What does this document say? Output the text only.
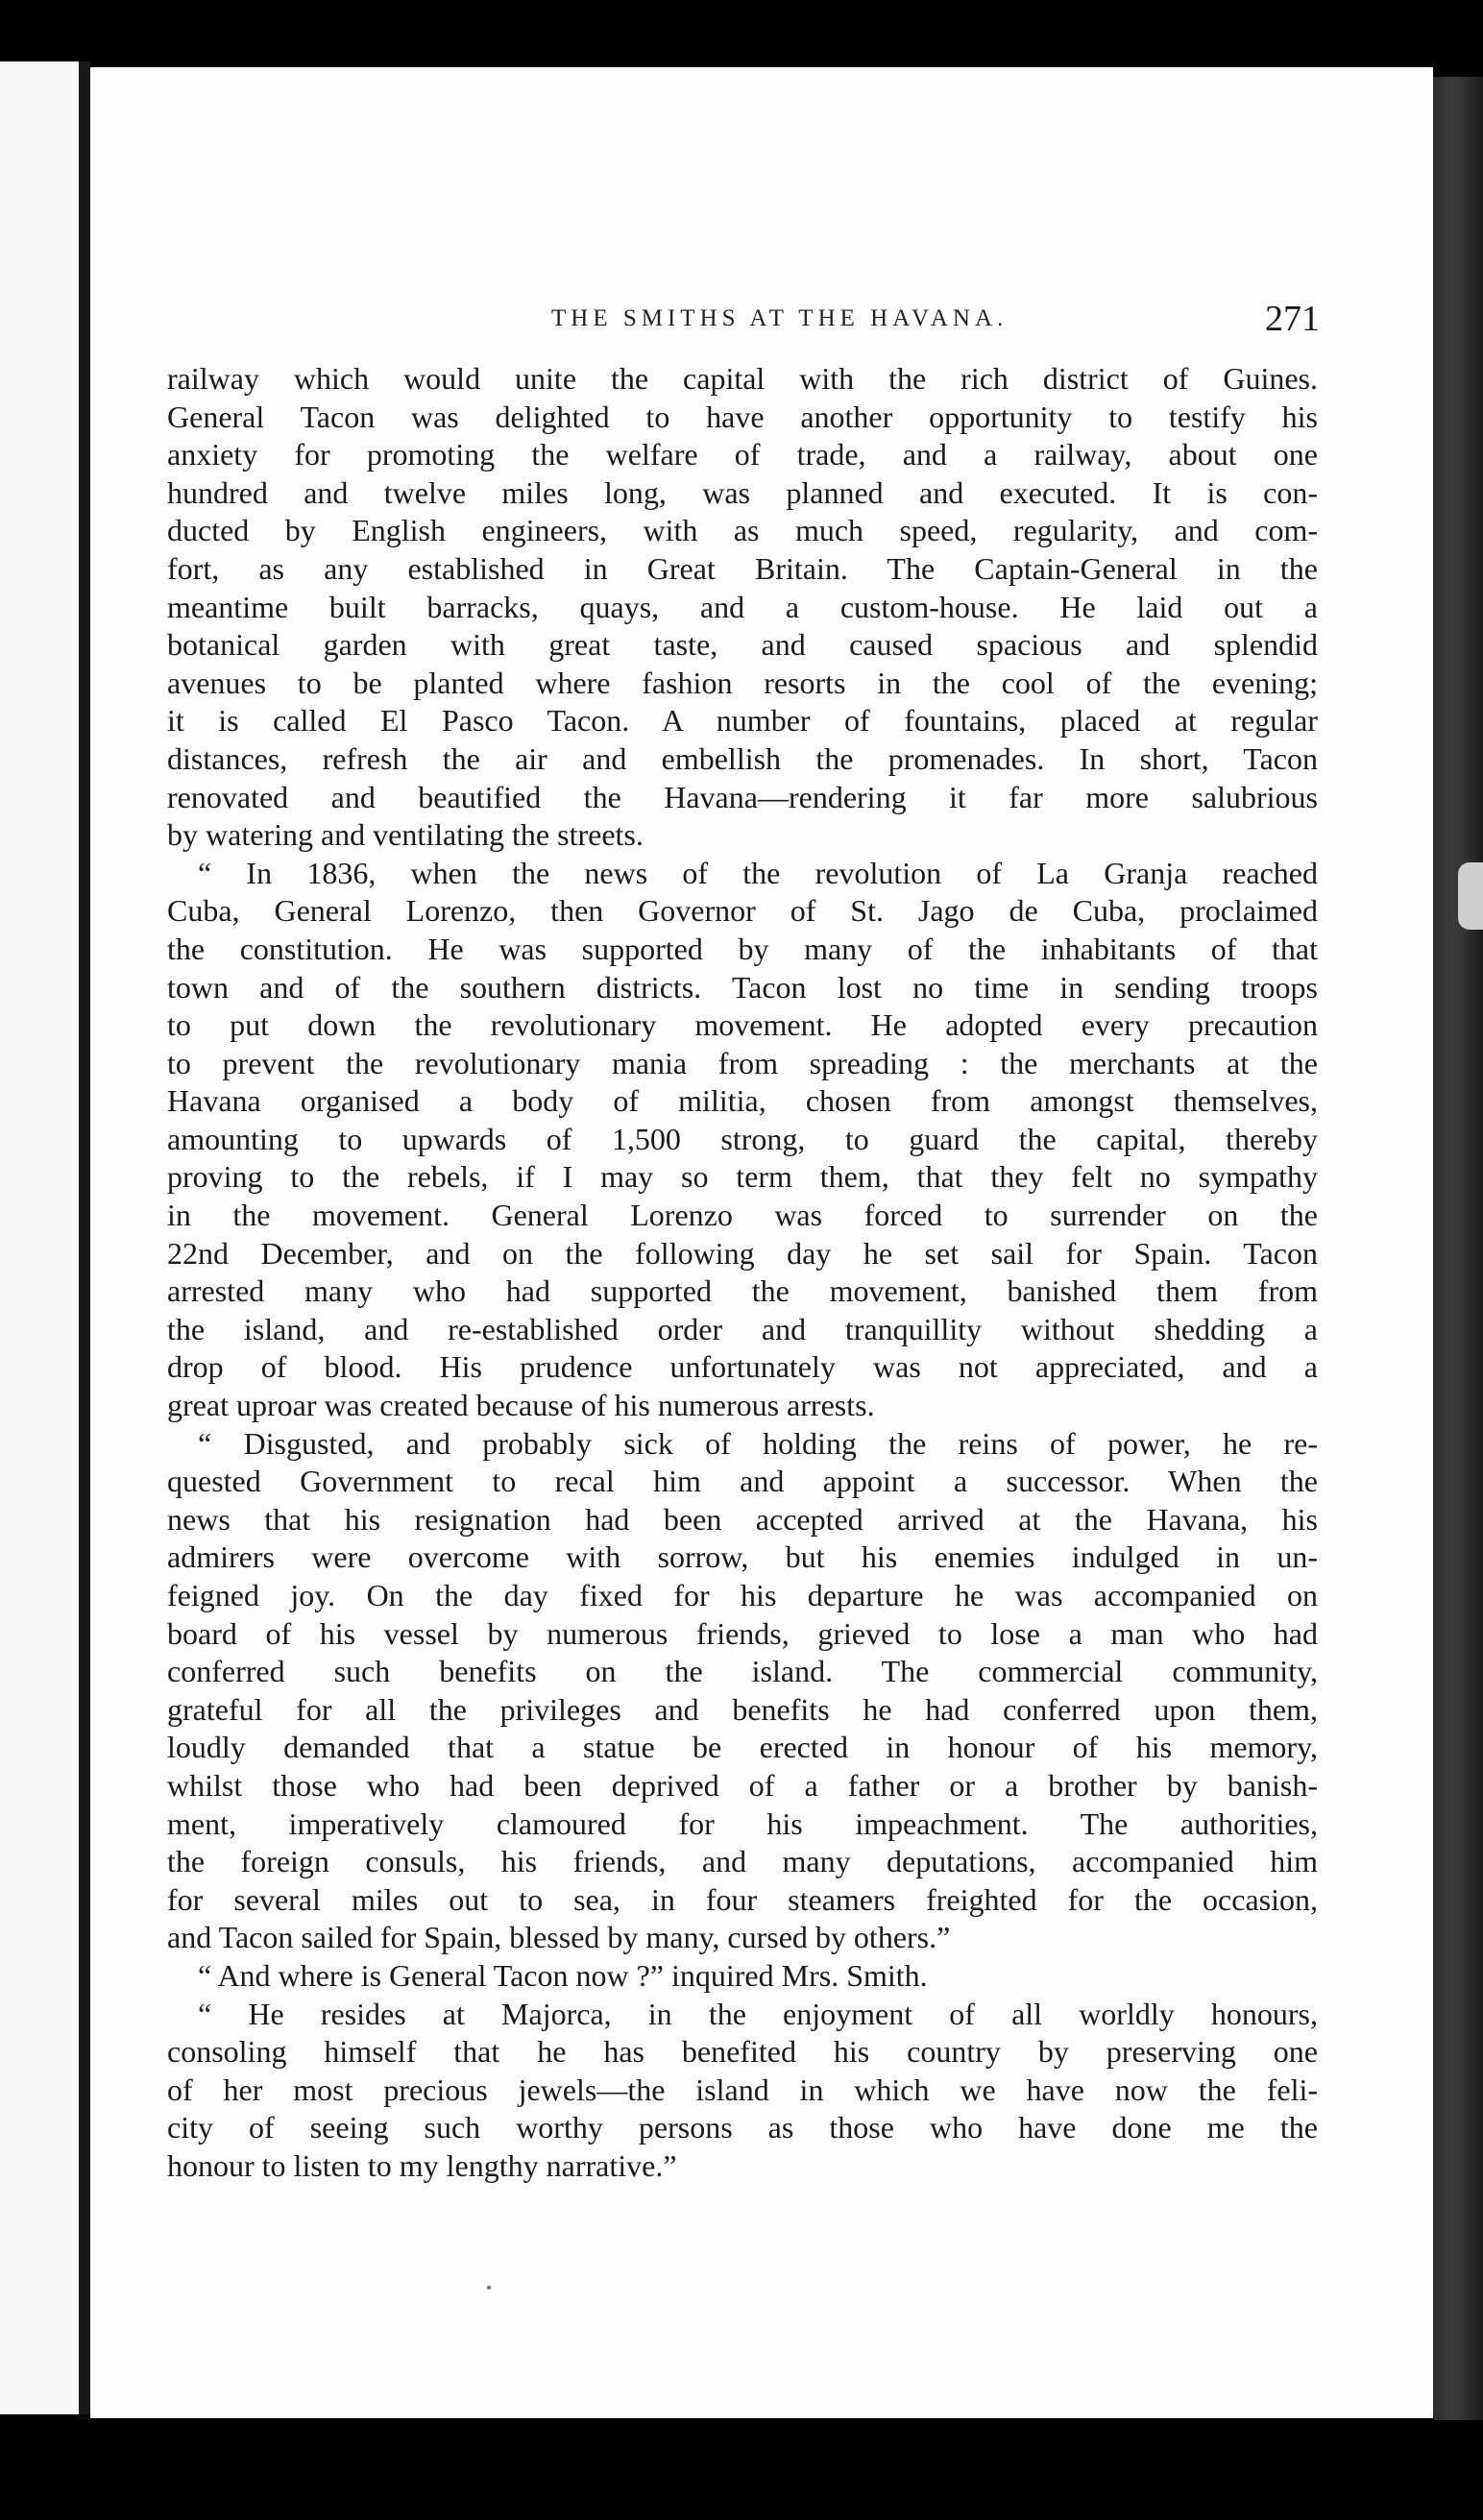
THE SMITHS AT THE HAVANA.	271
railway which would unite the capital with the rich district of Guines.
General Tacon was delighted to have another opportunity to testify his
anxiety for promoting the welfare of trade, and a railway, about one
hundred and twelve miles long, was planned and executed. It is con-
ducted by English engineers, with as much speed, regularity, and com-
fort, as any established in Great Britain. The Captain-General in the
meantime built barracks, quays, and a custom-house. He laid out a
botanical garden with great taste, and caused spacious and splendid
avenues to be planted where fashion resorts in the cool of the evening;
it is called El Pasco Tacon. A number of fountains, placed at regular
distances, refresh the air and embellish the promenades. In short, Tacon
renovated and beautified the Havana—rendering it far more salubrious
by watering and ventilating the streets.
“ In 1836, when the news of the revolution of La Granja reached
Cuba, General Lorenzo, then Governor of St. Jago de Cuba, proclaimed
the constitution. He was supported by many of the inhabitants of that
town and of the southern districts. Tacon lost no time in sending troops
to put down the revolutionary movement. He adopted every precaution
to prevent the revolutionary mania from spreading : the merchants at the
Havana organised a body of militia, chosen from amongst themselves,
amounting to upwards of 1,500 strong, to guard the capital, thereby
proving to the rebels, if I may so term them, that they felt no sympathy
in the movement. General Lorenzo was forced to surrender on the
22nd December, and on the following day he set sail for Spain. Tacon
arrested many who had supported the movement, banished them from
the island, and re-established order and tranquillity without shedding a
drop of blood. His prudence unfortunately was not appreciated, and a
great uproar was created because of his numerous arrests.
“ Disgusted, and probably sick of holding the reins of power, he re-
quested Government to recal him and appoint a successor. When the
news that his resignation had been accepted arrived at the Havana, his
admirers were overcome with sorrow, but his enemies indulged in un-
feigned joy. On the day fixed for his departure he was accompanied on
board of his vessel by numerous friends, grieved to lose a man who had
conferred such benefits on the island. The commercial community,
grateful for all the privileges and benefits he had conferred upon them,
loudly demanded that a statue be erected in honour of his memory,
whilst those who had been deprived of a father or a brother by banish-
ment, imperatively clamoured for his impeachment. The authorities,
the foreign consuls, his friends, and many deputations, accompanied him
for several miles out to sea, in four steamers freighted for the occasion,
and Tacon sailed for Spain, blessed by many, cursed by others.”
“ And where is General Tacon now ?” inquired Mrs. Smith.
“ He resides at Majorca, in the enjoyment of all worldly honours,
consoling himself that he has benefited his country by preserving one
of her most precious jewels—the island in which we have now the feli-
city of seeing such worthy persons as those who have done me the
honour to listen to my lengthy narrative.”
